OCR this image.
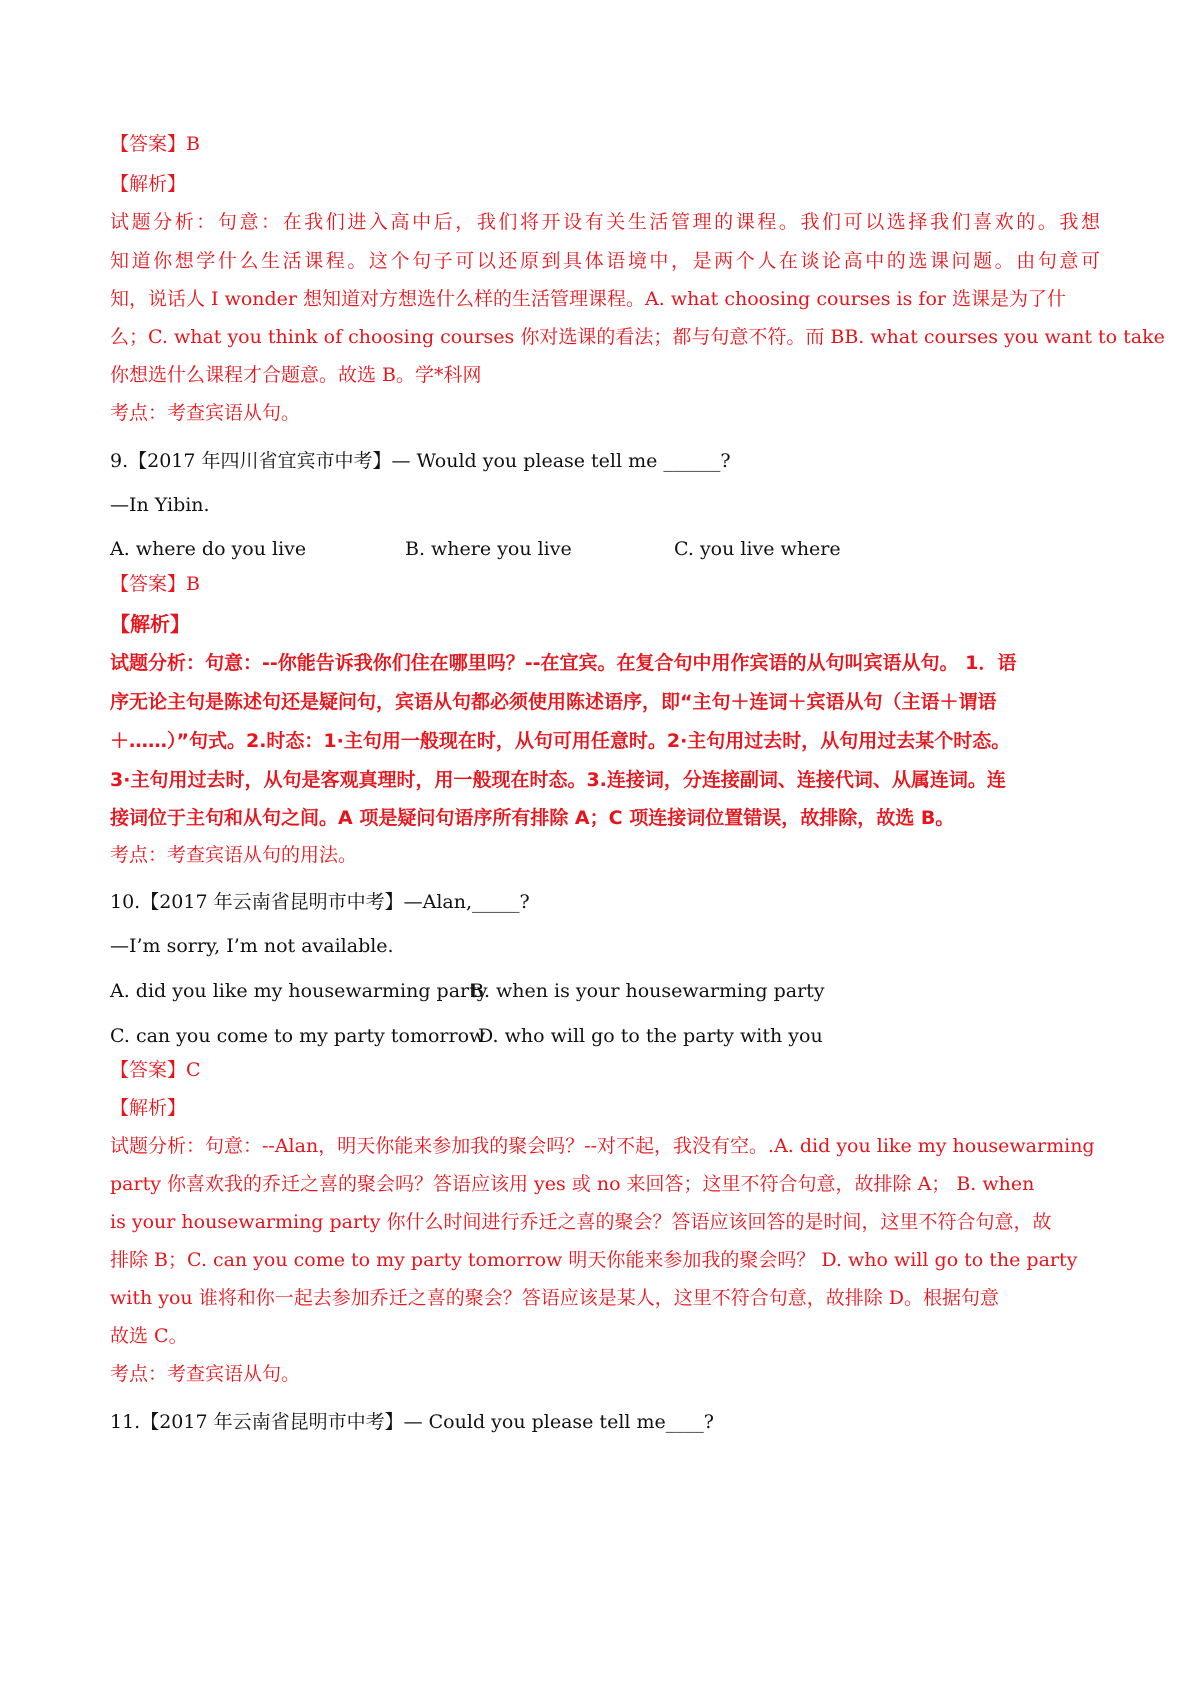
【答案】B
【解析】
试题分析：句意：在我们进入高中后，我们将开设有关生活管理的课程。我们可以选择我们喜欢的。我想
知道你想学什么生活课程。这个句子可以还原到具体语境中，是两个人在谈论高中的选课问题。由句意可
知，说话人 I wonder 想知道对方想选什么样的生活管理课程。A. what choosing courses is for 选课是为了什
么；C. what you think of choosing courses 你对选课的看法；都与句意不符。而 BB. what courses you want to take
你想选什么课程才合题意。故选 B。学*科网
考点：考查宾语从句。
9.【2017 年四川省宜宾市中考】— Would you please tell me ______?
—In Yibin.
A. where do you live	B. where you live	C. you live where
【答案】B
【解析】
试题分析：句意：--你能告诉我你们住在哪里吗？--在宜宾。在复合句中用作宾语的从句叫宾语从句。 1．语
序无论主句是陈述句还是疑问句，宾语从句都必须使用陈述语序，即“主句＋连词＋宾语从句（主语＋谓语
＋……）”句式。2.时态：1·主句用一般现在时，从句可用任意时。2·主句用过去时，从句用过去某个时态。
3·主句用过去时，从句是客观真理时，用一般现在时态。3.连接词，分连接副词、连接代词、从属连词。连
接词位于主句和从句之间。A 项是疑问句语序所有排除 A；C 项连接词位置错误，故排除，故选 B。
考点：考查宾语从句的用法。
10.【2017 年云南省昆明市中考】—Alan,_____?
—I’m sorry, I’m not available.
A. did you like my housewarming party
B. when is your housewarming party
C. can you come to my party tomorrow
D. who will go to the party with you
【答案】C
【解析】
试题分析：句意：--Alan，明天你能来参加我的聚会吗？--对不起，我没有空。.A. did you like my housewarming
party 你喜欢我的乔迁之喜的聚会吗？答语应该用 yes 或 no 来回答；这里不符合句意，故排除 A； B. when
is your housewarming party 你什么时间进行乔迁之喜的聚会？答语应该回答的是时间，这里不符合句意，故
排除 B；C. can you come to my party tomorrow 明天你能来参加我的聚会吗？ D. who will go to the party
with you 谁将和你一起去参加乔迁之喜的聚会？答语应该是某人，这里不符合句意，故排除 D。根据句意
故选 C。
考点：考查宾语从句。
11.【2017 年云南省昆明市中考】— Could you please tell me____?
